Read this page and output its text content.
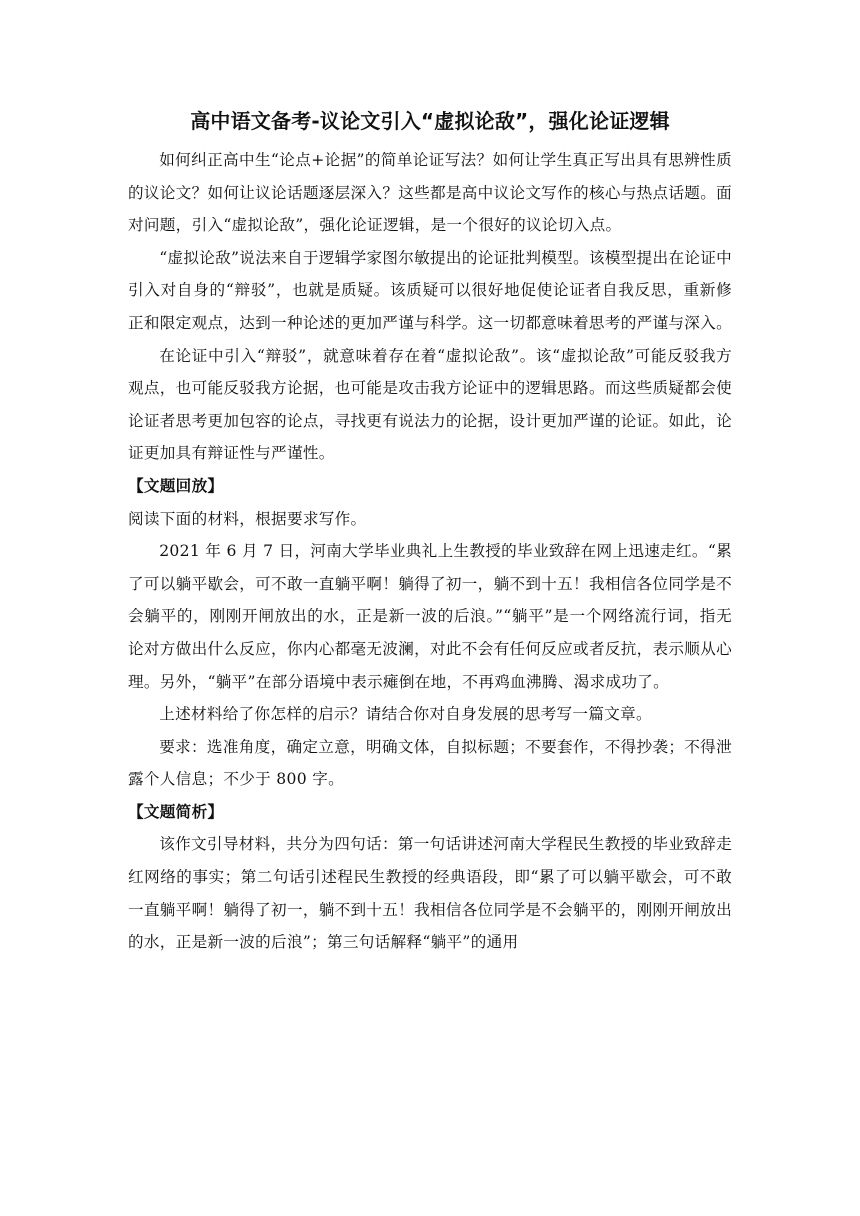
高中语文备考-议论文引入“虚拟论敌”，强化论证逻辑

如何纠正高中生“论点+论据”的简单论证写法？如何让学生真正写出具有思辨性质的议论文？如何让议论话题逐层深入？这些都是高中议论文写作的核心与热点话题。面对问题，引入“虚拟论敌”，强化论证逻辑，是一个很好的议论切入点。

“虚拟论敌”说法来自于逻辑学家图尔敏提出的论证批判模型。该模型提出在论证中引入对自身的“辩驳”，也就是质疑。该质疑可以很好地促使论证者自我反思，重新修正和限定观点，达到一种论述的更加严谨与科学。这一切都意味着思考的严谨与深入。

在论证中引入“辩驳”，就意味着存在着“虚拟论敌”。该“虚拟论敌”可能反驳我方观点，也可能反驳我方论据，也可能是攻击我方论证中的逻辑思路。而这些质疑都会使论证者思考更加包容的论点，寻找更有说法力的论据，设计更加严谨的论证。如此，论证更加具有辩证性与严谨性。

【文题回放】

阅读下面的材料，根据要求写作。

2021 年 6 月 7 日，河南大学毕业典礼上生教授的毕业致辞在网上迅速走红。“累了可以躺平歇会，可不敢一直躺平啊！躺得了初一，躺不到十五！我相信各位同学是不会躺平的，刚刚开闸放出的水，正是新一波的后浪。”“躺平”是一个网络流行词，指无论对方做出什么反应，你内心都毫无波澜，对此不会有任何反应或者反抗，表示顺从心理。另外，“躺平”在部分语境中表示瘫倒在地，不再鸡血沸腾、渴求成功了。

上述材料给了你怎样的启示？请结合你对自身发展的思考写一篇文章。

要求：选准角度，确定立意，明确文体，自拟标题；不要套作，不得抄袭；不得泄露个人信息；不少于 800 字。

【文题简析】

该作文引导材料，共分为四句话：第一句话讲述河南大学程民生教授的毕业致辞走红网络的事实；第二句话引述程民生教授的经典语段，即“累了可以躺平歇会，可不敢一直躺平啊！躺得了初一，躺不到十五！我相信各位同学是不会躺平的，刚刚开闸放出的水，正是新一波的后浪”；第三句话解释“躺平”的通用
